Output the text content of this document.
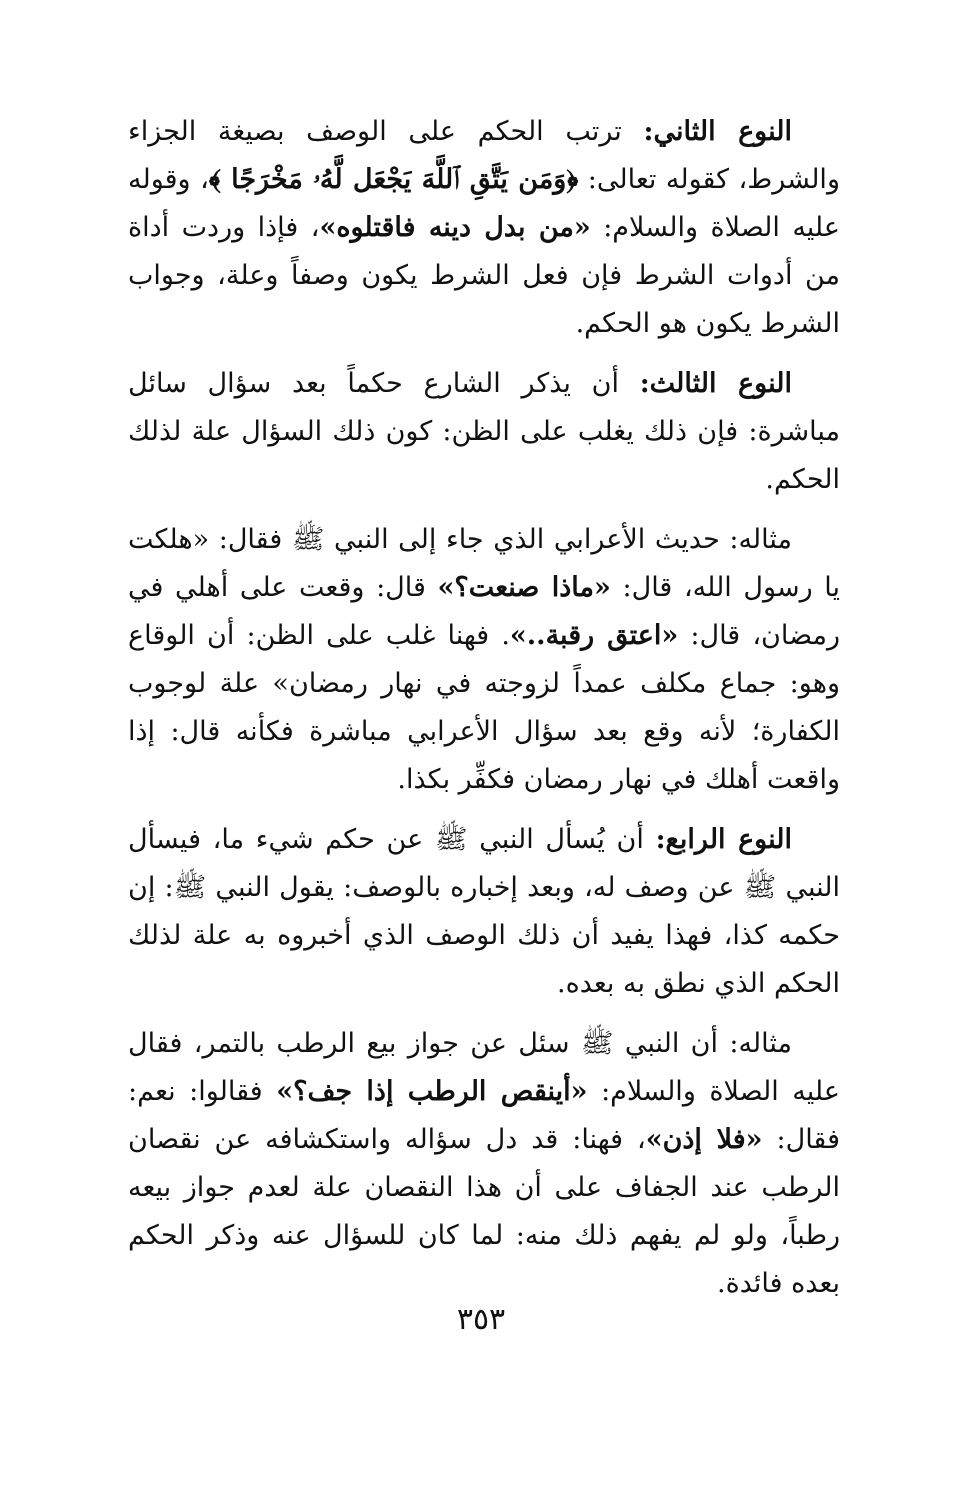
النوع الثاني: ترتب الحكم على الوصف بصيغة الجزاء والشرط، كقوله تعالى: ﴿وَمَن يَتَّقِ ٱللَّهَ يَجْعَل لَّهُۥ مَخْرَجًا ﴾، وقوله عليه الصلاة والسلام: «من بدل دينه فاقتلوه»، فإذا وردت أداة من أدوات الشرط فإن فعل الشرط يكون وصفاً وعلة، وجواب الشرط يكون هو الحكم.

النوع الثالث: أن يذكر الشارع حكماً بعد سؤال سائل مباشرة: فإن ذلك يغلب على الظن: كون ذلك السؤال علة لذلك الحكم.

مثاله: حديث الأعرابي الذي جاء إلى النبي ﷺ فقال: «هلكت يا رسول الله، قال: «ماذا صنعت؟» قال: وقعت على أهلي في رمضان، قال: «اعتق رقبة..». فهنا غلب على الظن: أن الوقاع وهو: جماع مكلف عمداً لزوجته في نهار رمضان» علة لوجوب الكفارة؛ لأنه وقع بعد سؤال الأعرابي مباشرة فكأنه قال: إذا واقعت أهلك في نهار رمضان فكفِّر بكذا.

النوع الرابع: أن يُسأل النبي ﷺ عن حكم شيء ما، فيسأل النبي ﷺ عن وصف له، وبعد إخباره بالوصف: يقول النبي ﷺ: إن حكمه كذا، فهذا يفيد أن ذلك الوصف الذي أخبروه به علة لذلك الحكم الذي نطق به بعده.

مثاله: أن النبي ﷺ سئل عن جواز بيع الرطب بالتمر، فقال عليه الصلاة والسلام: «أينقص الرطب إذا جف؟» فقالوا: نعم: فقال: «فلا إذن»، فهنا: قد دل سؤاله واستكشافه عن نقصان الرطب عند الجفاف على أن هذا النقصان علة لعدم جواز بيعه رطباً، ولو لم يفهم ذلك منه: لما كان للسؤال عنه وذكر الحكم بعده فائدة.

٣٥٣
